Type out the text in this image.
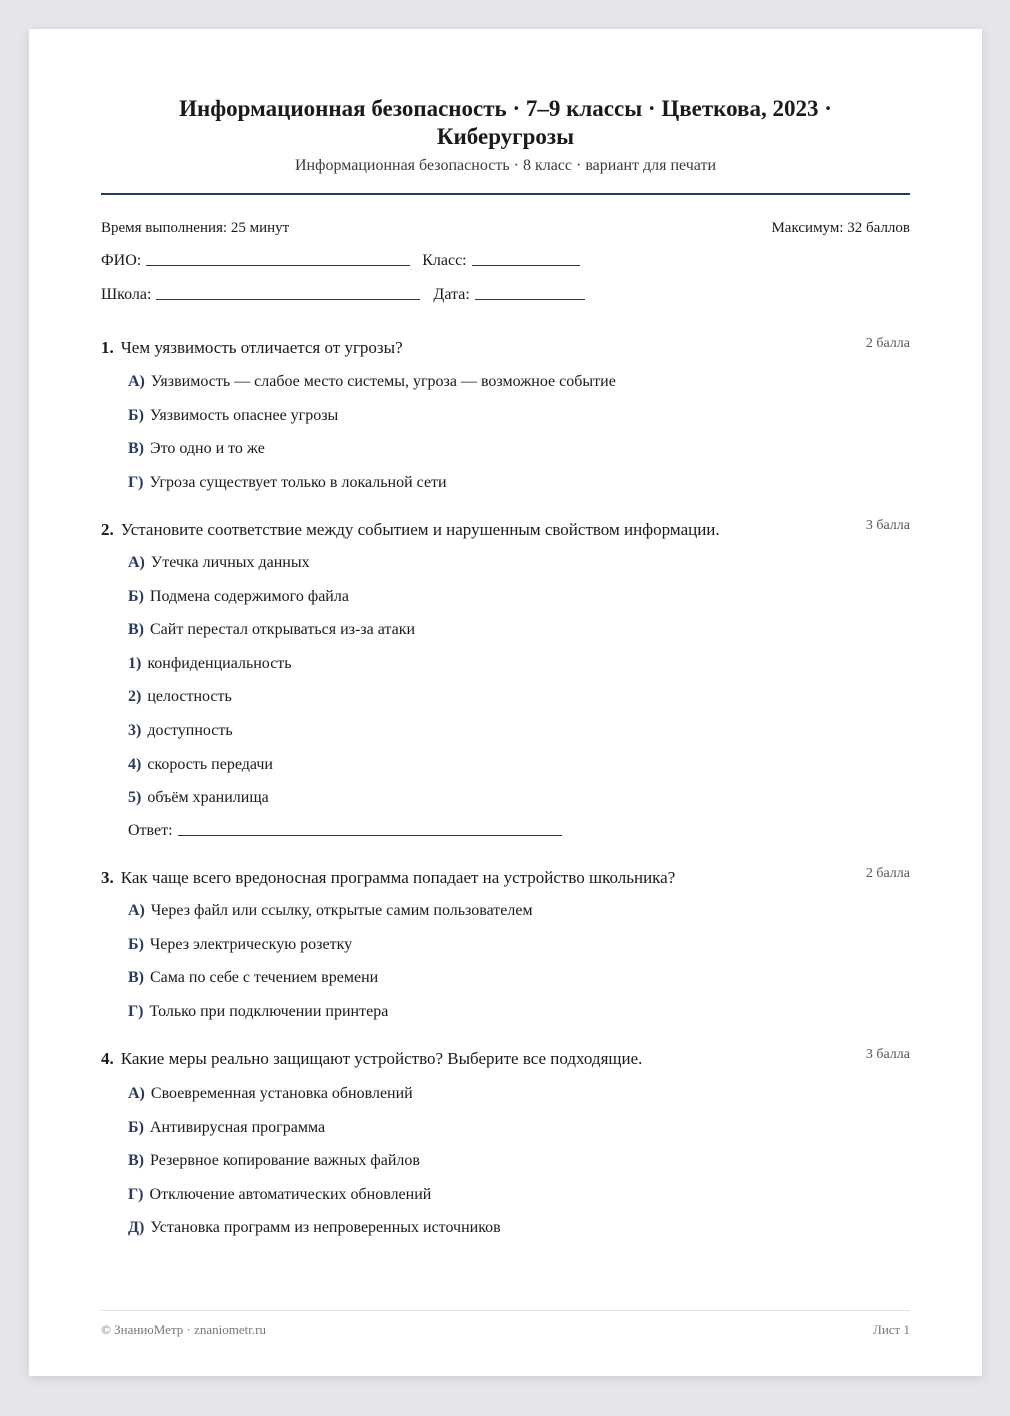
Информационная безопасность · 7–9 классы · Цветкова, 2023 ·
Киберугрозы
Информационная безопасность · 8 класс · вариант для печати
Время выполнения: 25 минут	Максимум: 32 баллов
ФИО:	Класс:
Школа:	Дата:
1. Чем уязвимость отличается от угрозы?	2 балла
А) Уязвимость — слабое место системы, угроза — возможное событие
Б) Уязвимость опаснее угрозы
В) Это одно и то же
Г) Угроза существует только в локальной сети
2. Установите соответствие между событием и нарушенным свойством информации.	3 балла
А) Утечка личных данных
Б) Подмена содержимого файла
В) Сайт перестал открываться из-за атаки
1) конфиденциальность
2) целостность
3) доступность
4) скорость передачи
5) объём хранилища
Ответ:
3. Как чаще всего вредоносная программа попадает на устройство школьника?	2 балла
А) Через файл или ссылку, открытые самим пользователем
Б) Через электрическую розетку
В) Сама по себе с течением времени
Г) Только при подключении принтера
4. Какие меры реально защищают устройство? Выберите все подходящие.	3 балла
А) Своевременная установка обновлений
Б) Антивирусная программа
В) Резервное копирование важных файлов
Г) Отключение автоматических обновлений
Д) Установка программ из непроверенных источников
© ЗнаниоМетр · znaniometr.ru	Лист 1
